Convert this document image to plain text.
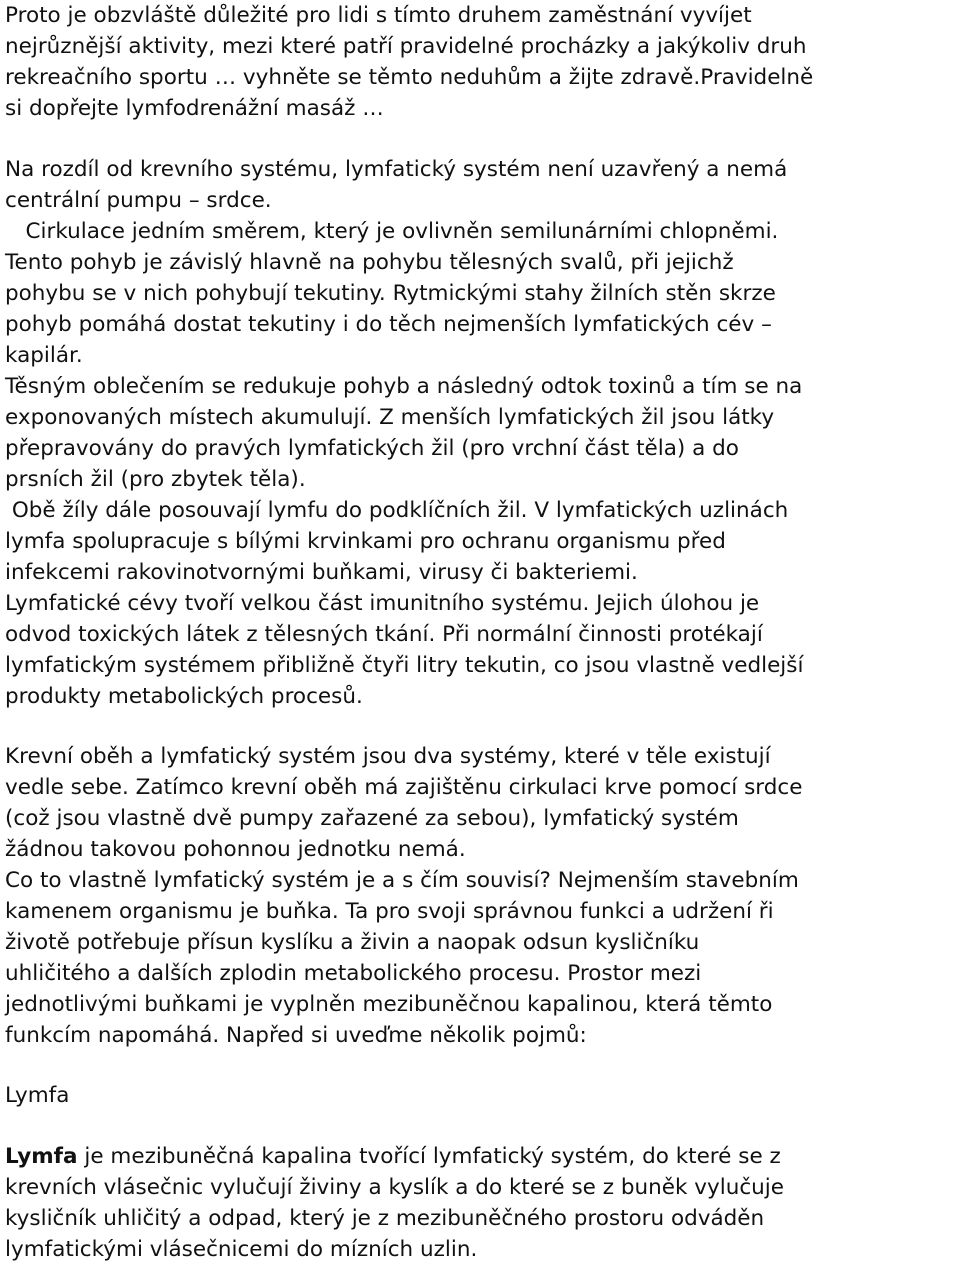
Proto je obzvláště důležité pro lidi s tímto druhem zaměstnání vyvíjet
nejrůznější aktivity, mezi které patří pravidelné procházky a jakýkoliv druh
rekreačního sportu … vyhněte se těmto neduhům a žijte zdravě.Pravidelně
si dopřejte lymfodrenážní masáž …
Na rozdíl od krevního systému, lymfatický systém není uzavřený a nemá
centrální pumpu – srdce.
Cirkulace jedním směrem, který je ovlivněn semilunárními chlopněmi.
Tento pohyb je závislý hlavně na pohybu tělesných svalů, při jejichž
pohybu se v nich pohybují tekutiny. Rytmickými stahy žilních stěn skrze
pohyb pomáhá dostat tekutiny i do těch nejmenších lymfatických cév –
kapilár.
Těsným oblečením se redukuje pohyb a následný odtok toxinů a tím se na
exponovaných místech akumulují. Z menších lymfatických žil jsou látky
přepravovány do pravých lymfatických žil (pro vrchní část těla) a do
prsních žil (pro zbytek těla).
Obě žíly dále posouvají lymfu do podklíčních žil. V lymfatických uzlinách
lymfa spolupracuje s bílými krvinkami pro ochranu organismu před
infekcemi rakovinotvornými buňkami, virusy či bakteriemi.
Lymfatické cévy tvoří velkou část imunitního systému. Jejich úlohou je
odvod toxických látek z tělesných tkání. Při normální činnosti protékají
lymfatickým systémem přibližně čtyři litry tekutin, co jsou vlastně vedlejší
produkty metabolických procesů.
Krevní oběh a lymfatický systém jsou dva systémy, které v těle existují
vedle sebe. Zatímco krevní oběh má zajištěnu cirkulaci krve pomocí srdce
(což jsou vlastně dvě pumpy zařazené za sebou), lymfatický systém
žádnou takovou pohonnou jednotku nemá.
Co to vlastně lymfatický systém je a s čím souvisí? Nejmenším stavebním
kamenem organismu je buňka. Ta pro svoji správnou funkci a udržení ři
životě potřebuje přísun kyslíku a živin a naopak odsun kysličníku
uhličitého a dalších zplodin metabolického procesu. Prostor mezi
jednotlivými buňkami je vyplněn mezibuněčnou kapalinou, která těmto
funkcím napomáhá. Napřed si uveďme několik pojmů:
Lymfa
Lymfa je mezibuněčná kapalina tvořící lymfatický systém, do které se z
krevních vlásečnic vylučují živiny a kyslík a do které se z buněk vylučuje
kysličník uhličitý a odpad, který je z mezibuněčného prostoru odváděn
lymfatickými vlásečnicemi do mízních uzlin.
